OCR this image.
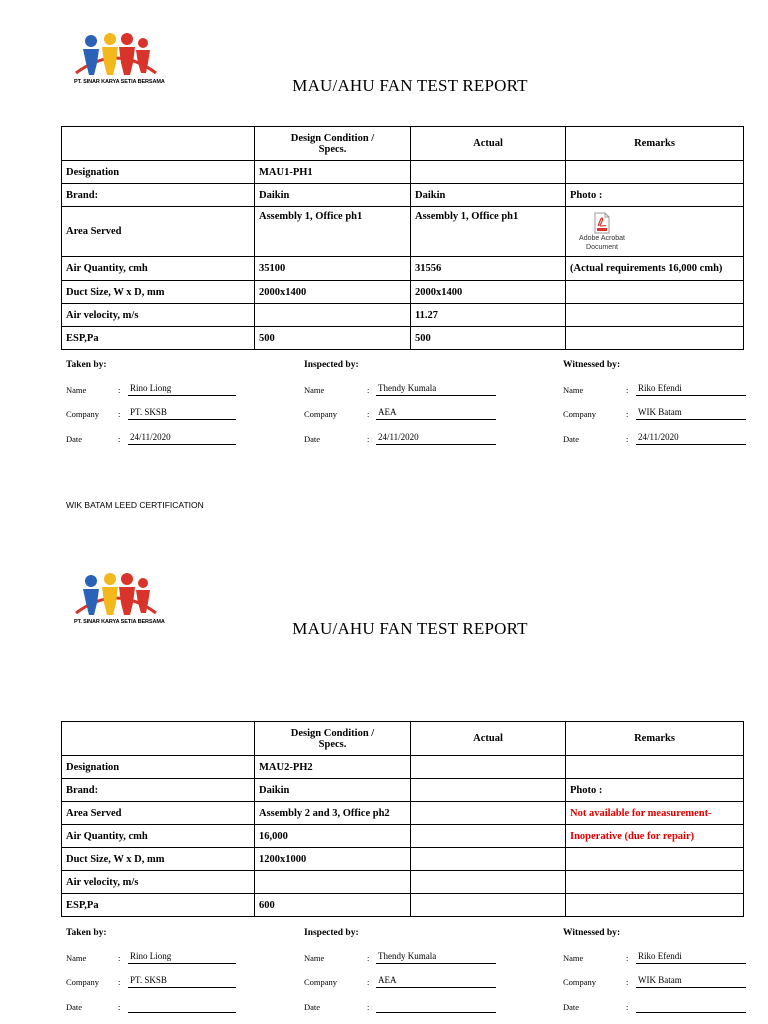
PT. SINAR KARYA SETIA BERSAMA	MAU/AHU FAN TEST REPORT
	Design Condition /
Specs.	Actual	Remarks
Designation	MAU1-PH1		
Brand:	Daikin	Daikin	Photo :
Area Served	Assembly 1, Office ph1	Assembly 1, Office ph1	Adobe Acrobat
Document

Air Quantity, cmh	35100	31556	(Actual requirements 16,000 cmh)
Duct Size, W x D, mm	2000x1400	2000x1400	
Air velocity, m/s		11.27	
ESP,Pa	500	500	
Taken by:
Name	: Rino Liong
Company : PT. SKSB
Date	: 24/11/2020
Inspected by:
Name	: Thendy Kumala
Company	: AEA
Date	: 24/11/2020
Witnessed by:
Name	: Riko Efendi
Company	: WIK Batam
Date	: 24/11/2020
WIK BATAM LEED CERTIFICATION
PT. SINAR KARYA SETIA BERSAMA	MAU/AHU FAN TEST REPORT
	Design Condition /
Specs.	Actual	Remarks
Designation	MAU2-PH2		
Brand:	Daikin		Photo :
Area Served	Assembly 2 and 3, Office ph2		Not available for measurement-
Air Quantity, cmh	16,000		Inoperative (due for repair)
Duct Size, W x D, mm	1200x1000		
Air velocity, m/s			
ESP,Pa	600		
Taken by:
Name	: Rino Liong
Company : PT. SKSB
Date	:
Inspected by:
Name	: Thendy Kumala
Company	: AEA
Date	:
Witnessed by:
Name	: Riko Efendi
Company	: WIK Batam
Date	:
